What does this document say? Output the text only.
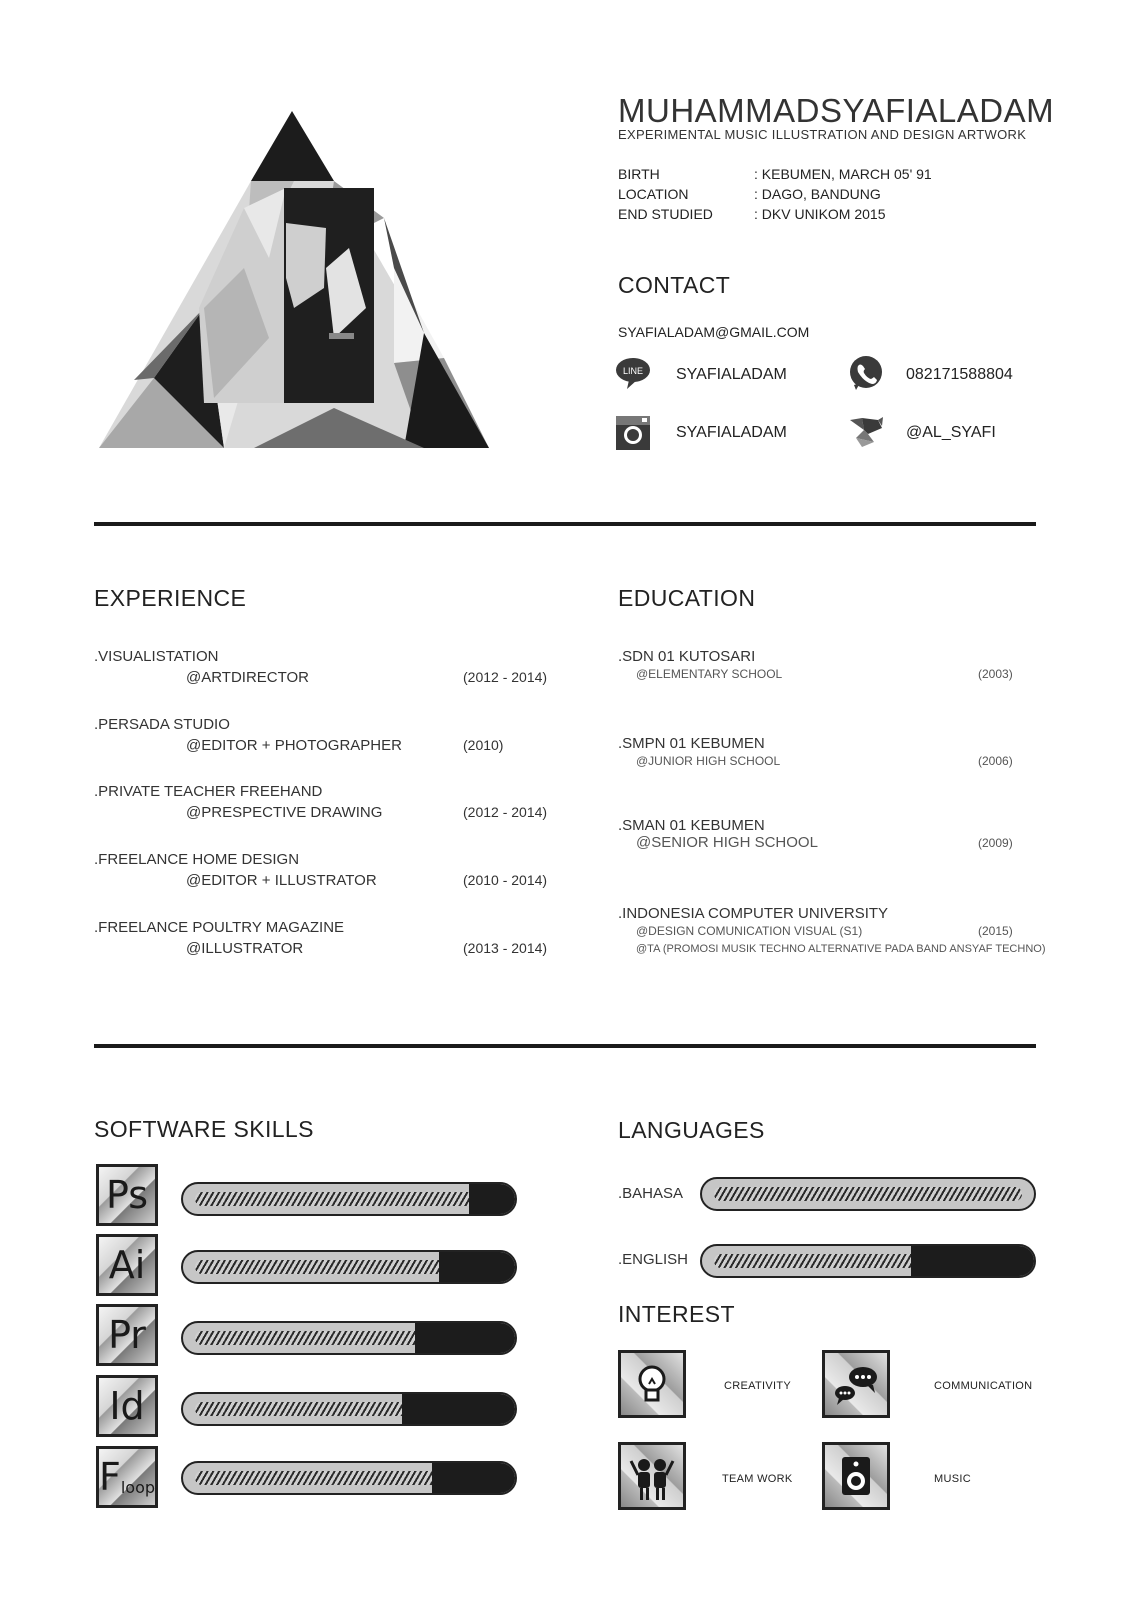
MUHAMMADSYAFIALADAM
EXPERIMENTAL MUSIC ILLUSTRATION AND DESIGN ARTWORK
BIRTH	: KEBUMEN, MARCH 05' 91
LOCATION	: DAGO, BANDUNG
END STUDIED	: DKV UNIKOM 2015
CONTACT
SYAFIALADAM@GMAIL.COM
LINE SYAFIALADAM	082171588804
SYAFIALADAM	@AL_SYAFI
EXPERIENCE
.VISUALISTATION
@ARTDIRECTOR	(2012 - 2014)
.PERSADA STUDIO
@EDITOR + PHOTOGRAPHER	(2010)
.PRIVATE TEACHER FREEHAND
@PRESPECTIVE DRAWING	(2012 - 2014)
.FREELANCE HOME DESIGN
@EDITOR + ILLUSTRATOR	(2010 - 2014)
.FREELANCE POULTRY MAGAZINE
@ILLUSTRATOR	(2013 - 2014)
EDUCATION
.SDN 01 KUTOSARI
@ELEMENTARY SCHOOL	(2003)
.SMPN 01 KEBUMEN
@JUNIOR HIGH SCHOOL	(2006)
.SMAN 01 KEBUMEN
@SENIOR HIGH SCHOOL	(2009)
.INDONESIA COMPUTER UNIVERSITY
@DESIGN COMUNICATION VISUAL (S1)	(2015)
@TA (PROMOSI MUSIK TECHNO ALTERNATIVE PADA BAND ANSYAF TECHNO)
SOFTWARE SKILLS
Ps
Ai
Pr
Id
F loop
LANGUAGES
.BAHASA
.ENGLISH
INTEREST
CREATIVITY	COMMUNICATION
TEAM WORK	MUSIC
